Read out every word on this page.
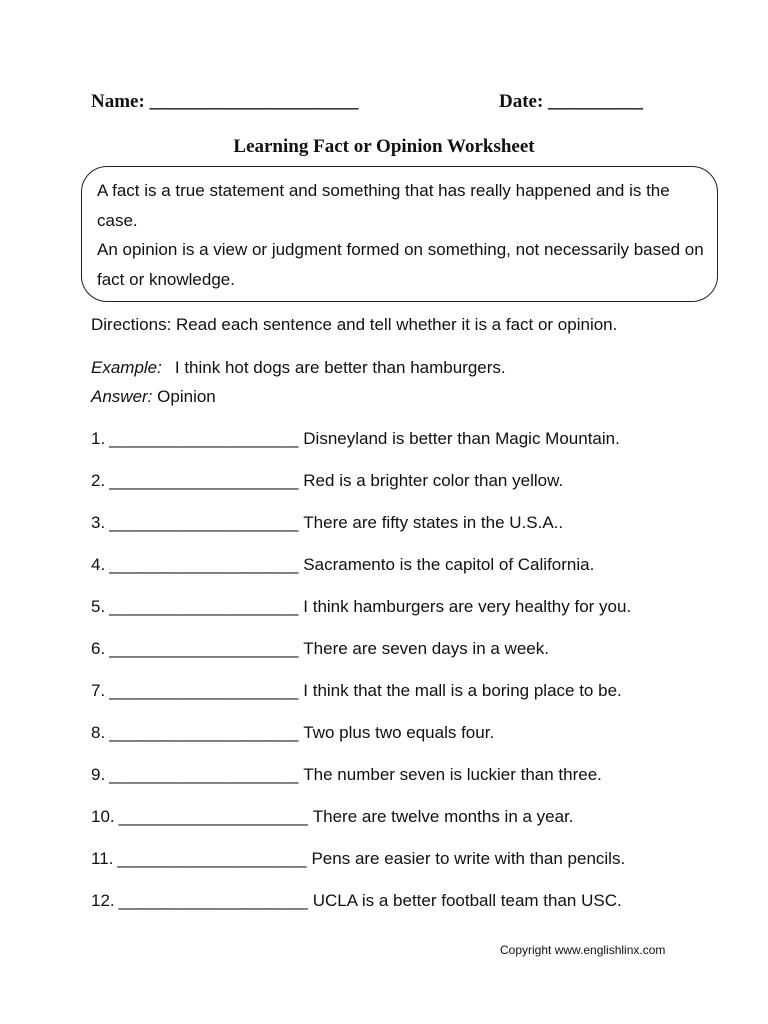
Name: ______________________	Date: __________
Learning Fact or Opinion Worksheet
A fact is a true statement and something that has really happened and is the case.
An opinion is a view or judgment formed on something, not necessarily based on fact or knowledge.
Directions: Read each sentence and tell whether it is a fact or opinion.
Example: I think hot dogs are better than hamburgers.
Answer: Opinion
1. ____________________ Disneyland is better than Magic Mountain.
2. ____________________ Red is a brighter color than yellow.
3. ____________________ There are fifty states in the U.S.A..
4. ____________________ Sacramento is the capitol of California.
5. ____________________ I think hamburgers are very healthy for you.
6. ____________________ There are seven days in a week.
7. ____________________ I think that the mall is a boring place to be.
8. ____________________ Two plus two equals four.
9. ____________________ The number seven is luckier than three.
10. ____________________ There are twelve months in a year.
11. ____________________ Pens are easier to write with than pencils.
12. ____________________ UCLA is a better football team than USC.
Copyright www.englishlinx.com
